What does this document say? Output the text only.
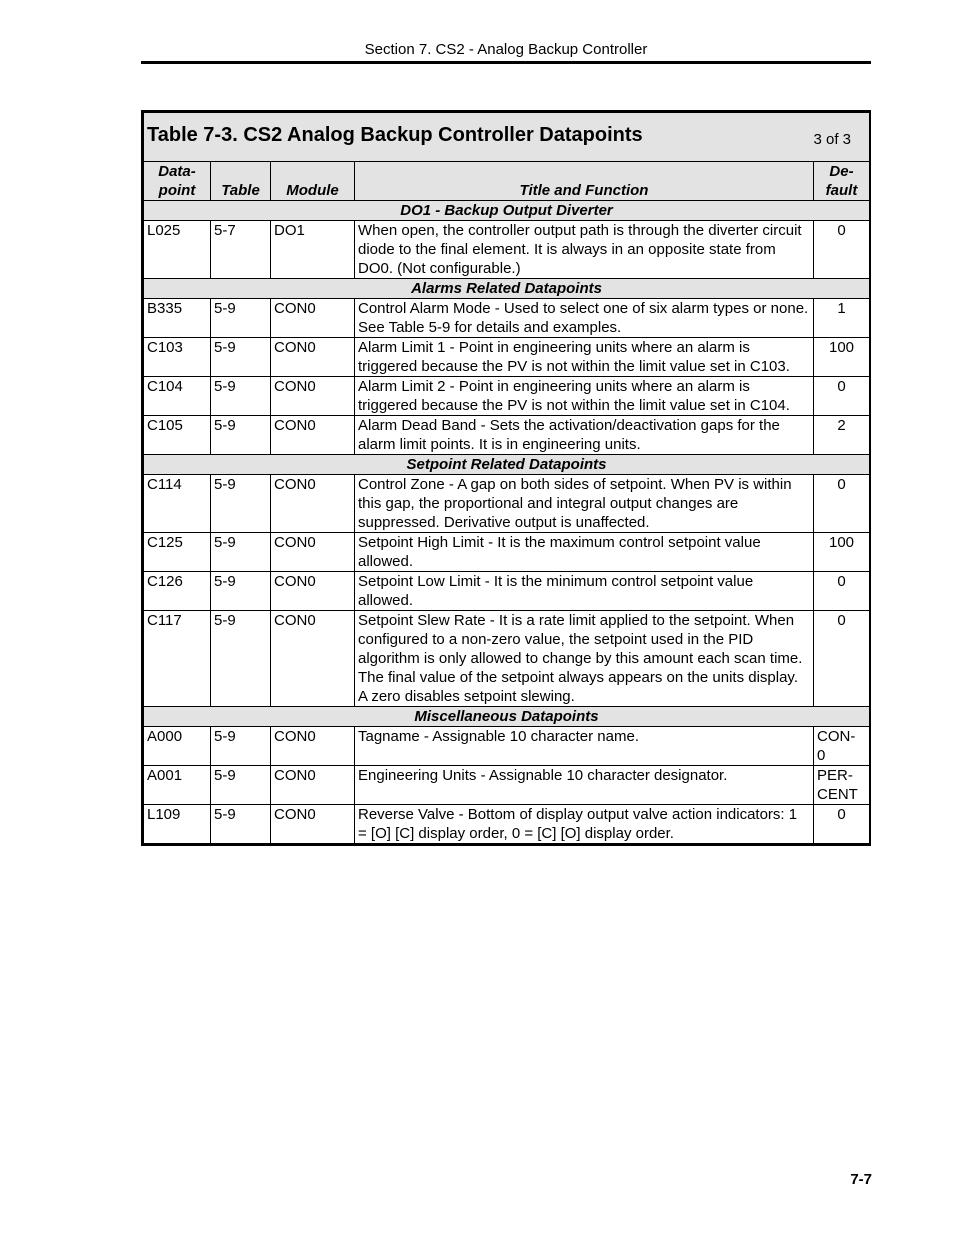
Section 7. CS2 - Analog Backup Controller
Table 7-3. CS2 Analog Backup Controller Datapoints 3 of 3				

Data-
point	Table	Module	Title and Function	De-
fault
DO1 - Backup Output Diverter				
L025	5-7	DO1	When open, the controller output path is through the diverter circuit diode to the final element. It is always in an opposite state from DO0. (Not configurable.)	0
Alarms Related Datapoints				
B335	5-9	CON0	Control Alarm Mode - Used to select one of six alarm types or none. See Table 5-9 for details and examples.	1
C103	5-9	CON0	Alarm Limit 1 - Point in engineering units where an alarm is triggered because the PV is not within the limit value set in C103.	100
C104	5-9	CON0	Alarm Limit 2 - Point in engineering units where an alarm is triggered because the PV is not within the limit value set in C104.	0
C105	5-9	CON0	Alarm Dead Band - Sets the activation/deactivation gaps for the alarm limit points. It is in engineering units.	2
Setpoint Related Datapoints				
C114	5-9	CON0	Control Zone - A gap on both sides of setpoint. When PV is within this gap, the proportional and integral output changes are suppressed. Derivative output is unaffected.	0
C125	5-9	CON0	Setpoint High Limit - It is the maximum control setpoint value allowed.	100
C126	5-9	CON0	Setpoint Low Limit - It is the minimum control setpoint value allowed.	0
C117	5-9	CON0	Setpoint Slew Rate - It is a rate limit applied to the setpoint. When configured to a non-zero value, the setpoint used in the PID algorithm is only allowed to change by this amount each scan time. The final value of the setpoint always appears on the units display. A zero disables setpoint slewing.	0
Miscellaneous Datapoints				
A000	5-9	CON0	Tagname - Assignable 10 character name.	CON-
0
A001	5-9	CON0	Engineering Units - Assignable 10 character designator.	PER-
CENT
L109	5-9	CON0	Reverse Valve - Bottom of display output valve action indicators: 1 = [O] [C] display order, 0 = [C] [O] display order.	0
7-7
